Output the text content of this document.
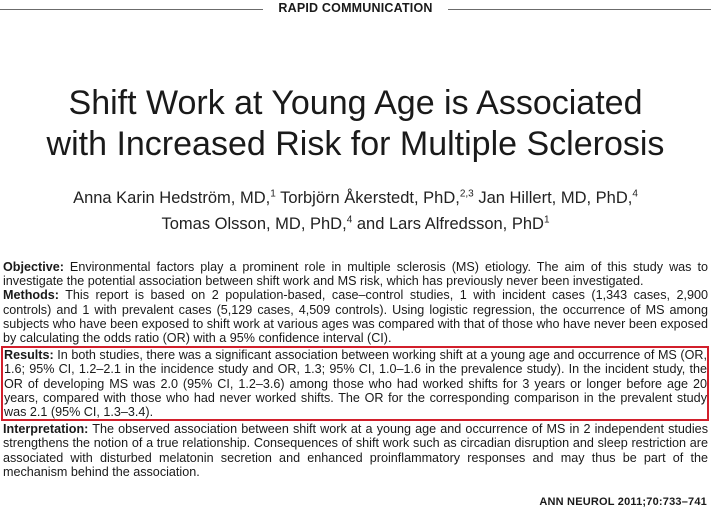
RAPID COMMUNICATION
Shift Work at Young Age is Associated
with Increased Risk for Multiple Sclerosis
Anna Karin Hedström, MD,$^1$ Torbjörn Åkerstedt, PhD,$^{2,3}$ Jan Hillert, MD, PhD,$^4$
Tomas Olsson, MD, PhD,$^4$ and Lars Alfredsson, PhD$^1$

Objective: Environmental factors play a prominent role in multiple sclerosis (MS) etiology. The aim of this study was to investigate the potential association between shift work and MS risk, which has previously never been investigated.

Methods: This report is based on 2 population-based, case–control studies, 1 with incident cases (1,343 cases, 2,900 controls) and 1 with prevalent cases (5,129 cases, 4,509 controls). Using logistic regression, the occurrence of MS among subjects who have been exposed to shift work at various ages was compared with that of those who have never been exposed by calculating the odds ratio (OR) with a 95% confidence interval (CI).

Results: In both studies, there was a significant association between working shift at a young age and occurrence of MS (OR, 1.6; 95% CI, 1.2–2.1 in the incidence study and OR, 1.3; 95% CI, 1.0–1.6 in the prevalence study). In the incident study, the OR of developing MS was 2.0 (95% CI, 1.2–3.6) among those who had worked shifts for 3 years or longer before age 20 years, compared with those who had never worked shifts. The OR for the corresponding comparison in the prevalent study was 2.1 (95% CI, 1.3–3.4).

Interpretation: The observed association between shift work at a young age and occurrence of MS in 2 independent studies strengthens the notion of a true relationship. Consequences of shift work such as circadian disruption and sleep restriction are associated with disturbed melatonin secretion and enhanced proinflammatory responses and may thus be part of the mechanism behind the association.

ANN NEUROL 2011;70:733–741
